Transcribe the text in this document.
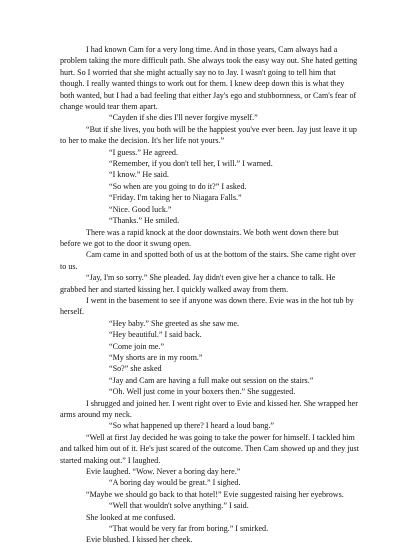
I had known Cam for a very long time. And in those years, Cam always had a problem taking the more difficult path. She always took the easy way out. She hated getting hurt. So I worried that she might actually say no to Jay. I wasn't going to tell him that though. I really wanted things to work out for them. I knew deep down this is what they both wanted, but I had a bad feeling that either Jay's ego and stubbornness, or Cam's fear of change would tear them apart.

“Cayden if she dies I'll never forgive myself.”

“But if she lives, you both will be the happiest you've ever been. Jay just leave it up to her to make the decision. It's her life not yours.”

“I guess.” He agreed.

“Remember, if you don't tell her, I will.” I warned.

“I know.” He said.

“So when are you going to do it?” I asked.

“Friday. I'm taking her to Niagara Falls.”

“Nice. Good luck.”

“Thanks.” He smiled.

There was a rapid knock at the door downstairs. We both went down there but before we got to the door it swung open.

Cam came in and spotted both of us at the bottom of the stairs. She came right over to us.

“Jay, I'm so sorry.” She pleaded. Jay didn't even give her a chance to talk. He grabbed her and started kissing her. I quickly walked away from them.

I went in the basement to see if anyone was down there. Evie was in the hot tub by herself.

“Hey baby.” She greeted as she saw me.

“Hey beautiful.” I said back.

“Come join me.”

“My shorts are in my room.”

“So?” she asked

“Jay and Cam are having a full make out session on the stairs.”

“Oh. Well just come in your boxers then.” She suggested.

I shrugged and joined her. I went right over to Evie and kissed her. She wrapped her arms around my neck.

“So what happened up there? I heard a loud bang.”

“Well at first Jay decided he was going to take the power for himself. I tackled him and talked him out of it. He's just scared of the outcome. Then Cam showed up and they just started making out.” I laughed.

Evie laughed. “Wow. Never a boring day here.”

“A boring day would be great.” I sighed.

“Maybe we should go back to that hotel!” Evie suggested raising her eyebrows.

“Well that wouldn't solve anything.” I said.

She looked at me confused.

“That would be very far from boring.” I smirked.

Evie blushed. I kissed her cheek.
